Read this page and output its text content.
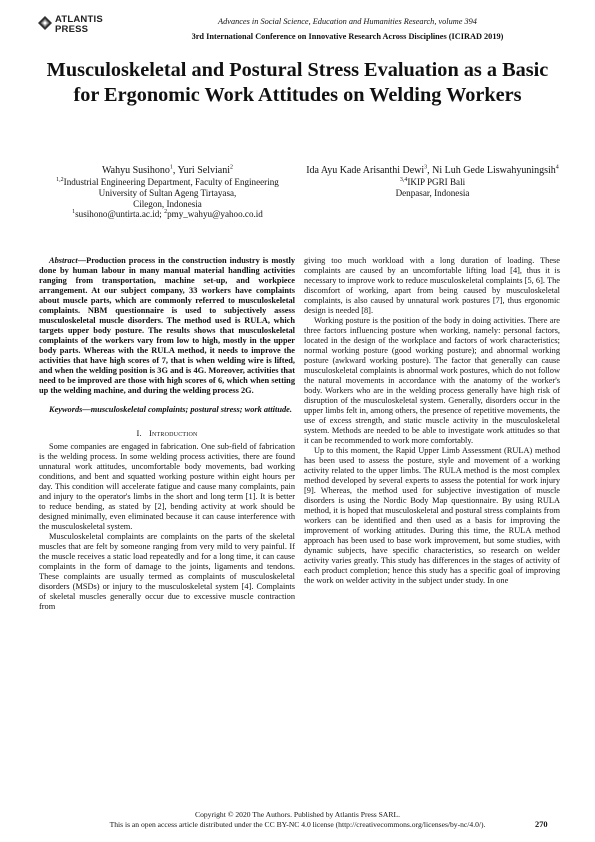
ATLANTIS
PRESS
Advances in Social Science, Education and Humanities Research, volume 394
3rd International Conference on Innovative Research Across Disciplines (ICIRAD 2019)
Musculoskeletal and Postural Stress Evaluation as a Basic for Ergonomic Work Attitudes on Welding Workers
Wahyu Susihono$^1$, Yuri Selviani$^2$
$^{1,2}$Industrial Engineering Department, Faculty of Engineering
University of Sultan Ageng Tirtayasa,
Cilegon, Indonesia
$^1$susihono@untirta.ac.id; $^2$pmy_wahyu@yahoo.co.id
Ida Ayu Kade Arisanthi Dewi$^3$, Ni Luh Gede Liswahyuningsih$^4$
$^{3,4}$IKIP PGRI Bali
Denpasar, Indonesia

Abstract—Production process in the construction industry is mostly done by human labour in many manual material handling activities ranging from transportation, machine set-up, and workpiece arrangement. At our subject company, 33 workers have complaints about muscle parts, which are commonly referred to musculoskeletal complaints. NBM questionnaire is used to subjectively assess musculoskeletal muscle disorders. The method used is RULA, which targets upper body posture. The results shows that musculoskeletal complaints of the workers vary from low to high, mostly in the upper body parts. Whereas with the RULA method, it needs to improve the activities that have high scores of 7, that is when welding wire is lifted, and when the welding position is 3G and is 4G. Moreover, activities that need to be improved are those with high scores of 6, which when setting up the welding machine, and during the welding process 2G.

Keywords—musculoskeletal complaints; postural stress; work attitude.

I. Introduction

Some companies are engaged in fabrication. One sub-field of fabrication is the welding process. In some welding process activities, there are found unnatural work attitudes, uncomfortable body movements, bad working conditions, and bent and squatted working posture within eight hours per day. This condition will accelerate fatigue and cause many complaints, pain and injury to the operator's limbs in the short and long term [1]. It is better to reduce bending, as stated by [2], bending activity at work should be designed minimally, even eliminated because it can cause interference with the musculoskeletal system.

Musculoskeletal complaints are complaints on the parts of the skeletal muscles that are felt by someone ranging from very mild to very painful. If the muscle receives a static load repeatedly and for a long time, it can cause complaints in the form of damage to the joints, ligaments and tendons. These complaints are usually termed as complaints of musculoskeletal disorders (MSDs) or injury to the musculoskeletal system [4]. Complaints of skeletal muscles generally occur due to excessive muscle contraction from

giving too much workload with a long duration of loading. These complaints are caused by an uncomfortable lifting load [4], thus it is necessary to improve work to reduce musculoskeletal complaints [5, 6]. The discomfort of working, apart from being caused by musculoskeletal complaints, is also caused by unnatural work postures [7], thus ergonomic design is needed [8].

Working posture is the position of the body in doing activities. There are three factors influencing posture when working, namely: personal factors, located in the design of the workplace and factors of work characteristics; normal working posture (good working posture); and abnormal working posture (awkward working posture). The factor that generally can cause musculoskeletal complaints is abnormal work postures, which do not follow the natural movements in accordance with the anatomy of the worker's body. Workers who are in the welding process generally have high risk of disruption of the musculoskeletal system. Generally, disorders occur in the upper limbs felt in, among others, the presence of repetitive movements, the use of excess strength, and static muscle activity in the musculoskeletal system. Methods are needed to be able to investigate work attitudes so that it can be recommended to work more comfortably.

Up to this moment, the Rapid Upper Limb Assessment (RULA) method has been used to assess the posture, style and movement of a working activity related to the upper limbs. The RULA method is the most complex method developed by several experts to assess the potential for work injury [9]. Whereas, the method used for subjective investigation of muscle disorders is using the Nordic Body Map questionnaire. By using RULA method, it is hoped that musculoskeletal and postural stress complaints from workers can be identified and then used as a basis for improving the improvement of working attitudes. During this time, the RULA method approach has been used to base work improvement, but some studies, with dynamic subjects, have specific characteristics, so research on welder activity varies greatly. This study has differences in the stages of activity of each product completion; hence this study has a specific goal of improving the work on welder activity in the subject under study. In one

Copyright © 2020 The Authors. Published by Atlantis Press SARL.
This is an open access article distributed under the CC BY-NC 4.0 license (http://creativecommons.org/licenses/by-nc/4.0/).	270
